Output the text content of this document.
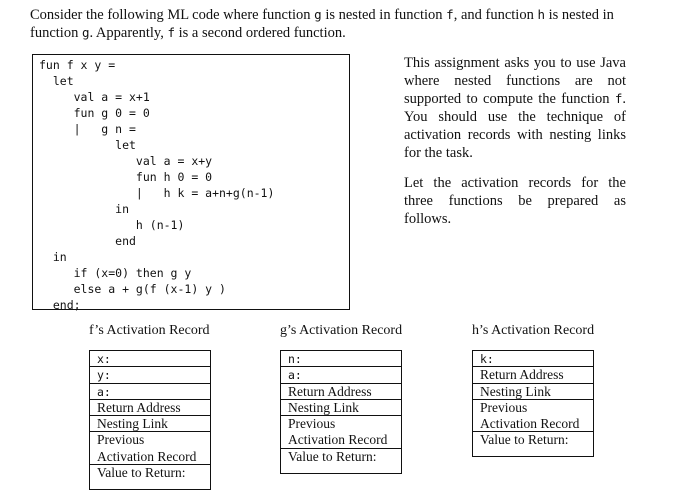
Consider the following ML code where function g is nested in function f, and function h is nested in function g. Apparently, f is a second ordered function.
fun f x y =
let
val a = x+1
fun g 0 = 0
|   g n =
let
val a = x+y
fun h 0 = 0
|   h k = a+n+g(n-1)
in
h (n-1)
end
in
if (x=0) then g y
else a + g(f (x-1) y )
end;

This assignment asks you to use Java where nested functions are not supported to compute the function f. You should use the technique of activation records with nesting links for the task.

Let the activation records for the three functions be prepared as follows.

f’s Activation Record
x:
y:
a:
Return Address
Nesting Link
Previous
Activation Record
Value to Return:
g’s Activation Record
n:
a:
Return Address
Nesting Link
Previous
Activation Record
Value to Return:
h’s Activation Record
k:
Return Address
Nesting Link
Previous
Activation Record
Value to Return:
